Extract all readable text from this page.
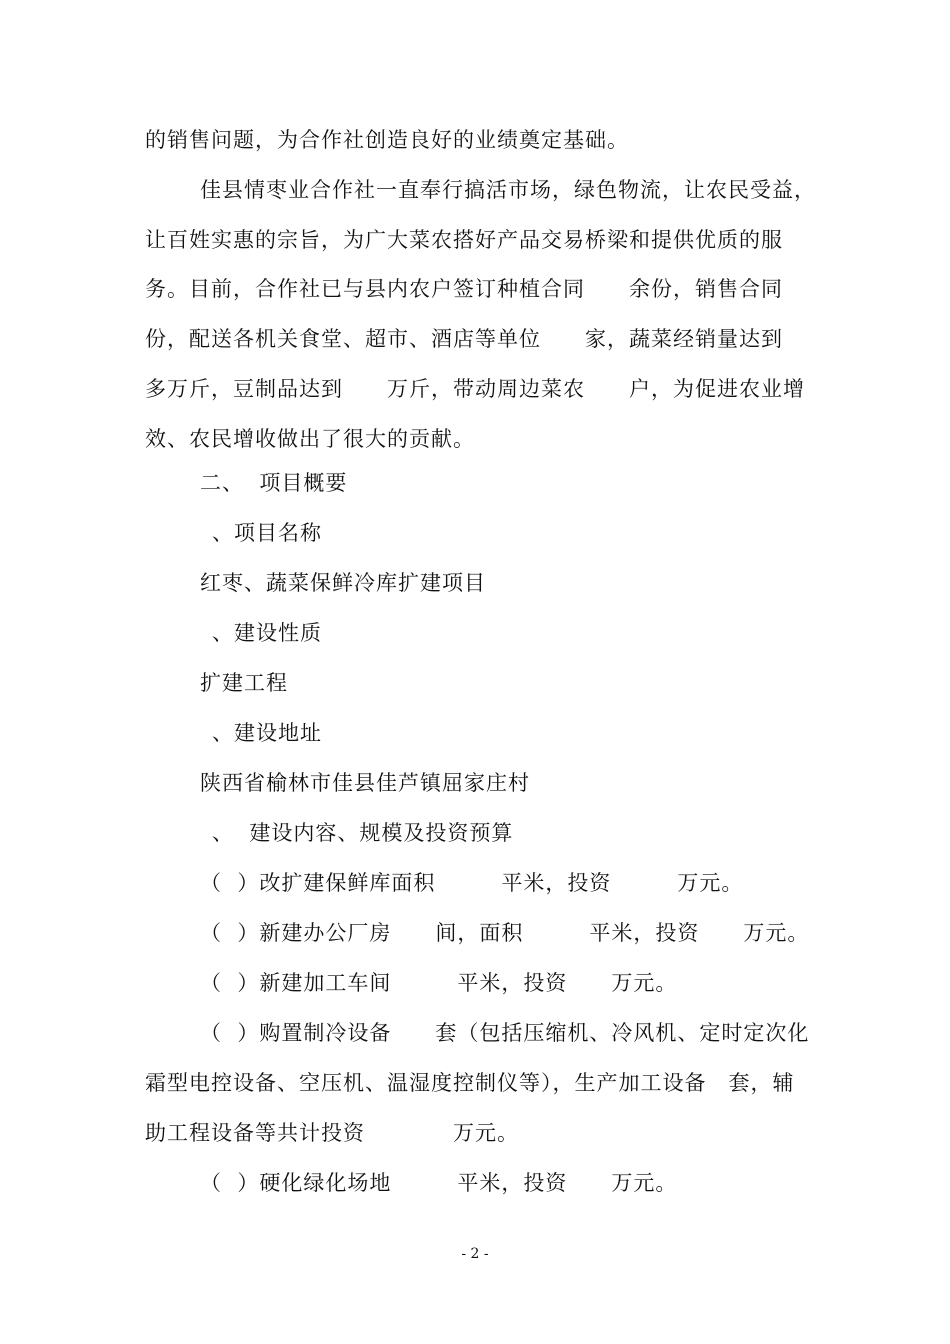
的销售问题，为合作社创造良好的业绩奠定基础。
佳县情枣业合作社一直奉行搞活市场，绿色物流，让农民受益，
让百姓实惠的宗旨，为广大菜农搭好产品交易桥梁和提供优质的服
务。目前，合作社已与县内农户签订种植合同　　余份，销售合同
份，配送各机关食堂、超市、酒店等单位　　家，蔬菜经销量达到
多万斤，豆制品达到　　万斤，带动周边菜农　　户，为促进农业增
效、农民增收做出了很大的贡献。
二、  项目概要
、项目名称
红枣、蔬菜保鲜冷库扩建项目
、建设性质
扩建工程
、建设地址
陕西省榆林市佳县佳芦镇屈家庄村
、  建设内容、规模及投资预算
（  ）改扩建保鲜库面积　　　平米，投资　　　万元。
（  ）新建办公厂房　　间，面积　　　平米，投资　　万元。
（  ）新建加工车间　　　平米，投资　　万元。
（  ）购置制冷设备　　套（包括压缩机、冷风机、定时定次化
霜型电控设备、空压机、温湿度控制仪等），生产加工设备　套，辅
助工程设备等共计投资　　　　万元。
（  ）硬化绿化场地　　　平米，投资　　万元。
- 2 -
